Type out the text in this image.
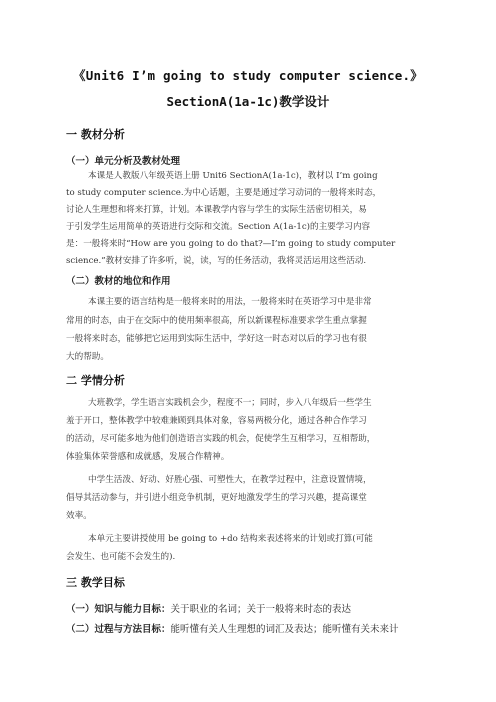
《Unit6 I’m going to study computer science.》
SectionA(1a-1c)教学设计
一 教材分析
（一）单元分析及教材处理
本课是人教版八年级英语上册 Unit6 SectionA(1a-1c)，教材以 I’m going
to study computer science.为中心话题，主要是通过学习动词的一般将来时态，
讨论人生理想和将来打算，计划。本课教学内容与学生的实际生活密切相关，易
于引发学生运用简单的英语进行交际和交流。Section A(1a-1c)的主要学习内容
是：一般将来时“How are you going to do that?—I’m going to study computer
science.”教材安排了许多听，说，读，写的任务活动，我将灵活运用这些活动.
（二）教材的地位和作用
本课主要的语言结构是一般将来时的用法，一般将来时在英语学习中是非常
常用的时态，由于在交际中的使用频率很高，所以新课程标准要求学生重点掌握
一般将来时态，能够把它运用到实际生活中，学好这一时态对以后的学习也有很
大的帮助。
二 学情分析
大班教学，学生语言实践机会少，程度不一；同时，步入八年级后一些学生
羞于开口，整体教学中较难兼顾到具体对象，容易两极分化，通过各种合作学习
的活动，尽可能多地为他们创造语言实践的机会，促使学生互相学习，互相帮助，
体验集体荣誉感和成就感，发展合作精神。
中学生活泼、好动、好胜心强、可塑性大，在教学过程中，注意设置情境，
倡导其活动参与，并引进小组竞争机制，更好地激发学生的学习兴趣，提高课堂
效率。
本单元主要讲授使用 be going to +do 结构来表述将来的计划或打算(可能
会发生、也可能不会发生的).
三 教学目标
（一）知识与能力目标：关于职业的名词；关于一般将来时态的表达
（二）过程与方法目标：能听懂有关人生理想的词汇及表达；能听懂有关未来计
